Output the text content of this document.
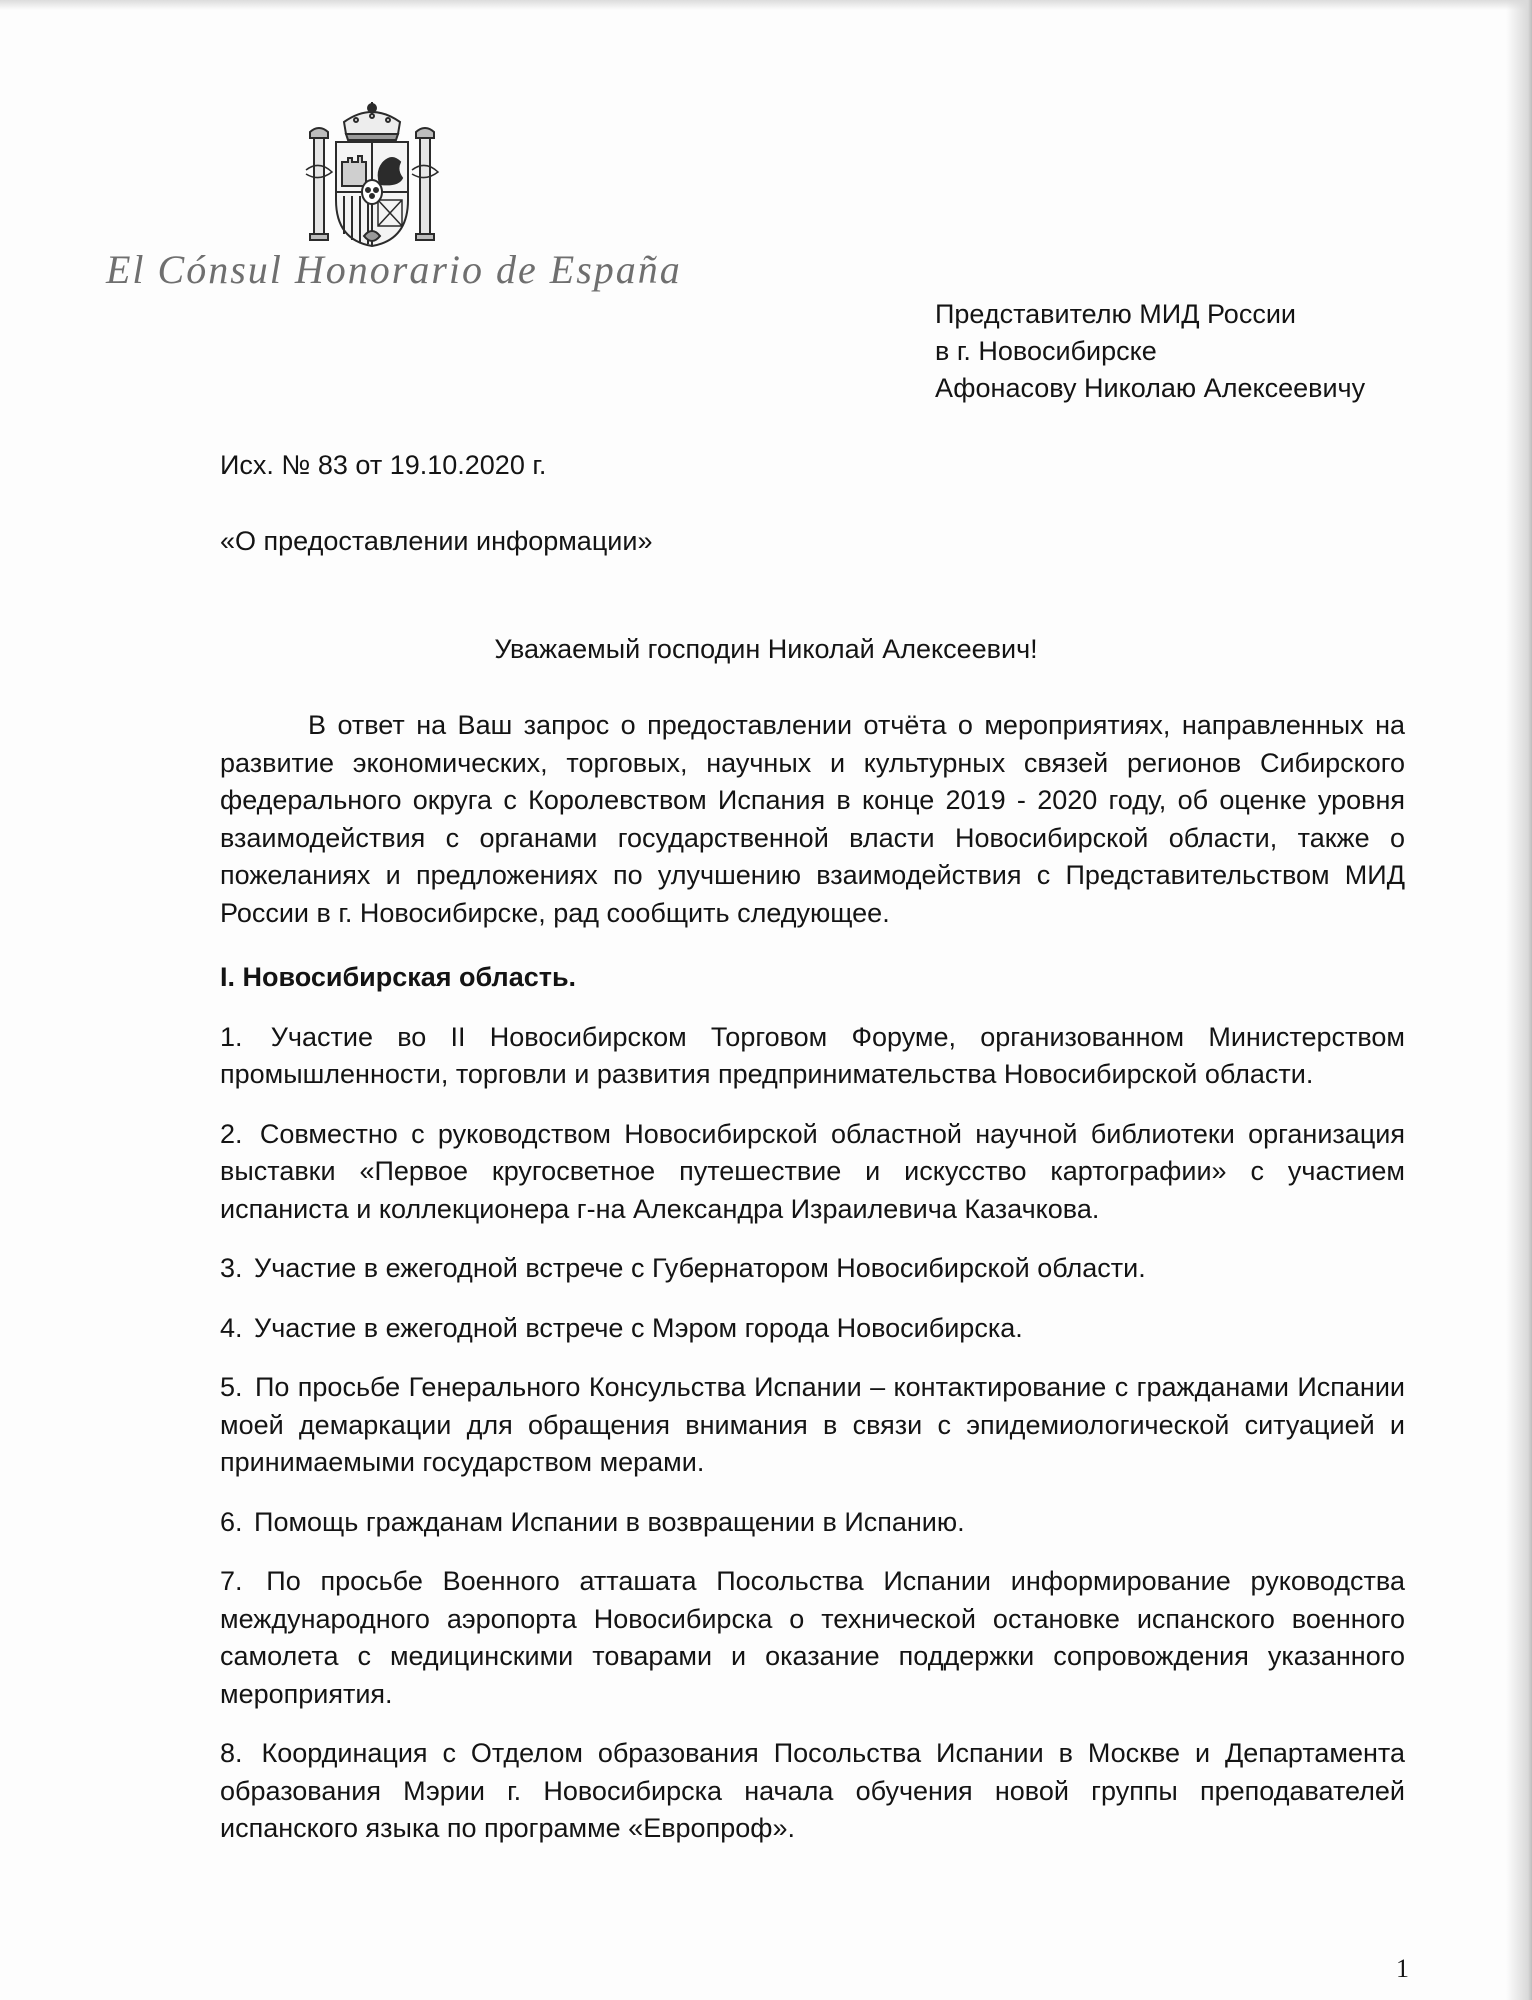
El Cónsul Honorario de España
Представителю МИД России
в г. Новосибирске
Афонасову Николаю Алексеевичу
Исх. № 83 от 19.10.2020 г.
«О предоставлении информации»
Уважаемый господин Николай Алексеевич!

В ответ на Ваш запрос о предоставлении отчёта о мероприятиях, направленных на развитие экономических, торговых, научных и культурных связей регионов Сибирского федерального округа с Королевством Испания в конце 2019 - 2020 году, об оценке уровня взаимодействия с органами государственной власти Новосибирской области, также о пожеланиях и предложениях по улучшению взаимодействия с Представительством МИД России в г. Новосибирске, рад сообщить следующее.

I. Новосибирская область.

1. Участие во II Новосибирском Торговом Форуме, организованном Министерством промышленности, торговли и развития предпринимательства Новосибирской области.

2. Совместно с руководством Новосибирской областной научной библиотеки организация выставки «Первое кругосветное путешествие и искусство картографии» с участием испаниста и коллекционера г-на Александра Израилевича Казачкова.

3. Участие в ежегодной встрече с Губернатором Новосибирской области.

4. Участие в ежегодной встрече с Мэром города Новосибирска.

5. По просьбе Генерального Консульства Испании – контактирование с гражданами Испании моей демаркации для обращения внимания в связи с эпидемиологической ситуацией и принимаемыми государством мерами.

6. Помощь гражданам Испании в возвращении в Испанию.

7. По просьбе Военного атташата Посольства Испании информирование руководства международного аэропорта Новосибирска о технической остановке испанского военного самолета с медицинскими товарами и оказание поддержки сопровождения указанного мероприятия.

8. Координация с Отделом образования Посольства Испании в Москве и Департамента образования Мэрии г. Новосибирска начала обучения новой группы преподавателей испанского языка по программе «Европроф».

1
